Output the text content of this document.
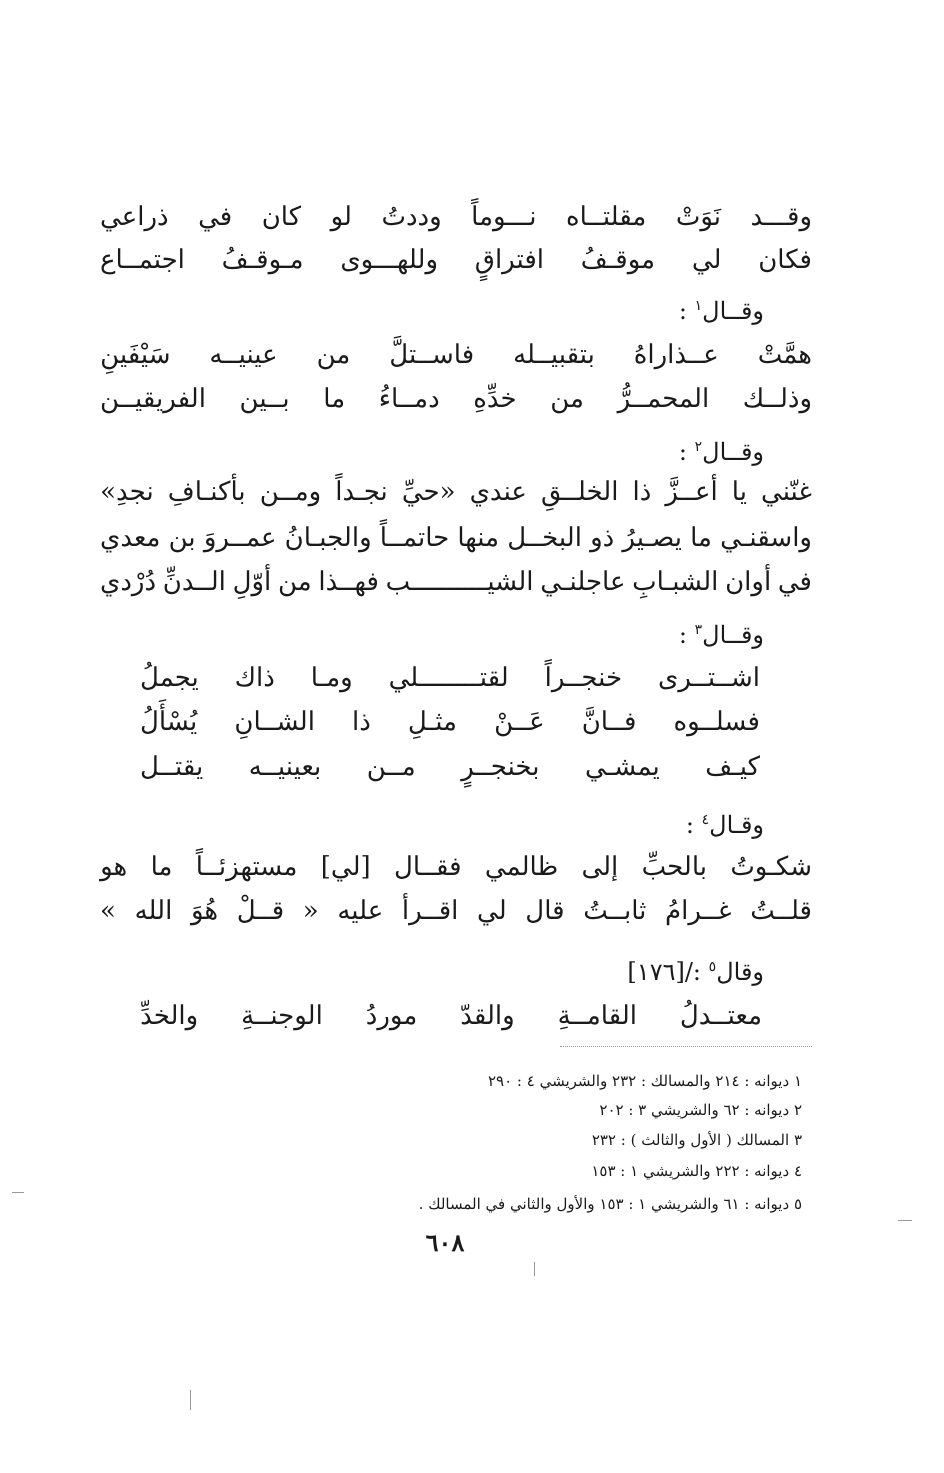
وقـــد
نَوَتْ
مقلتــاه
نـــوماً
وددتُ
لو
كان
في
ذراعي
فكان
لي
موقـفُ
افتراقٍ
وللهـــوى
مـوقـفُ
اجتمــاع
وقــال$^١$ :
همَّتْ
عــذاراهُ
بتقبيــله
فاســتلَّ
من
عينيــه
سَيْفَينِ
وذلــك
المحمــرُّ
من
خدِّهِ
دمــاءُ
ما
بــين
الفريقيــن
وقــال$^٢$ :
غنّني
يا
أعــزَّ
ذا
الخلــقِ
عندي
«حيِّ
نجـداً
ومــن
بأكنـافِ
نجدِ»
واسقنـي
ما
يصـيرُ
ذو
البخــل
منها
حاتمــاً
والجبـانُ
عمــروَ
بن
معدي
في
أوان
الشبـابِ
عاجلنـي
الشيــــــــــب
فهــذا
من
أوّلِ
الــدنِّ
دُرْدي
وقــال$^٣$ :
اشــتــرى
خنجــراً
لقتــــــــلي
ومـا
ذاك
يجملُ
فسلــوه
فــانَّ
عَــنْ
مثـلِ
ذا
الشــانِ
يُسْأَلُ
كيـف
يمشـي
بخنجــرٍ
مــن
بعينيــه
يقتــل
وقـال$^٤$ :
شكـوتُ
بالحبِّ
إلى
ظالمي
فقــال
[لي]
مستهزئــاً
ما
هو
قلــتُ
غــرامُ
ثابــتُ
قال
لي
اقــرأ
عليه
«
قــلْ
هُوَ
الله
»
وقال$^٥$ :/[١٧٦]
معتــدلُ
القامــةِ
والقدّ
موردُ
الوجنــةِ
والخدِّ
١ ديوانه : ٢١٤ والمسالك : ٢٣٢ والشريشي ٤ : ٢٩٠
٢ ديوانه : ٦٢ والشريشي ٣ : ٢٠٢
٣ المسالك ( الأول والثالث ) : ٢٣٢
٤ ديوانه : ٢٢٢ والشريشي ١ : ١٥٣
٥ ديوانه : ٦١ والشريشي ١ : ١٥٣ والأول والثاني في المسالك .
٦٠٨
